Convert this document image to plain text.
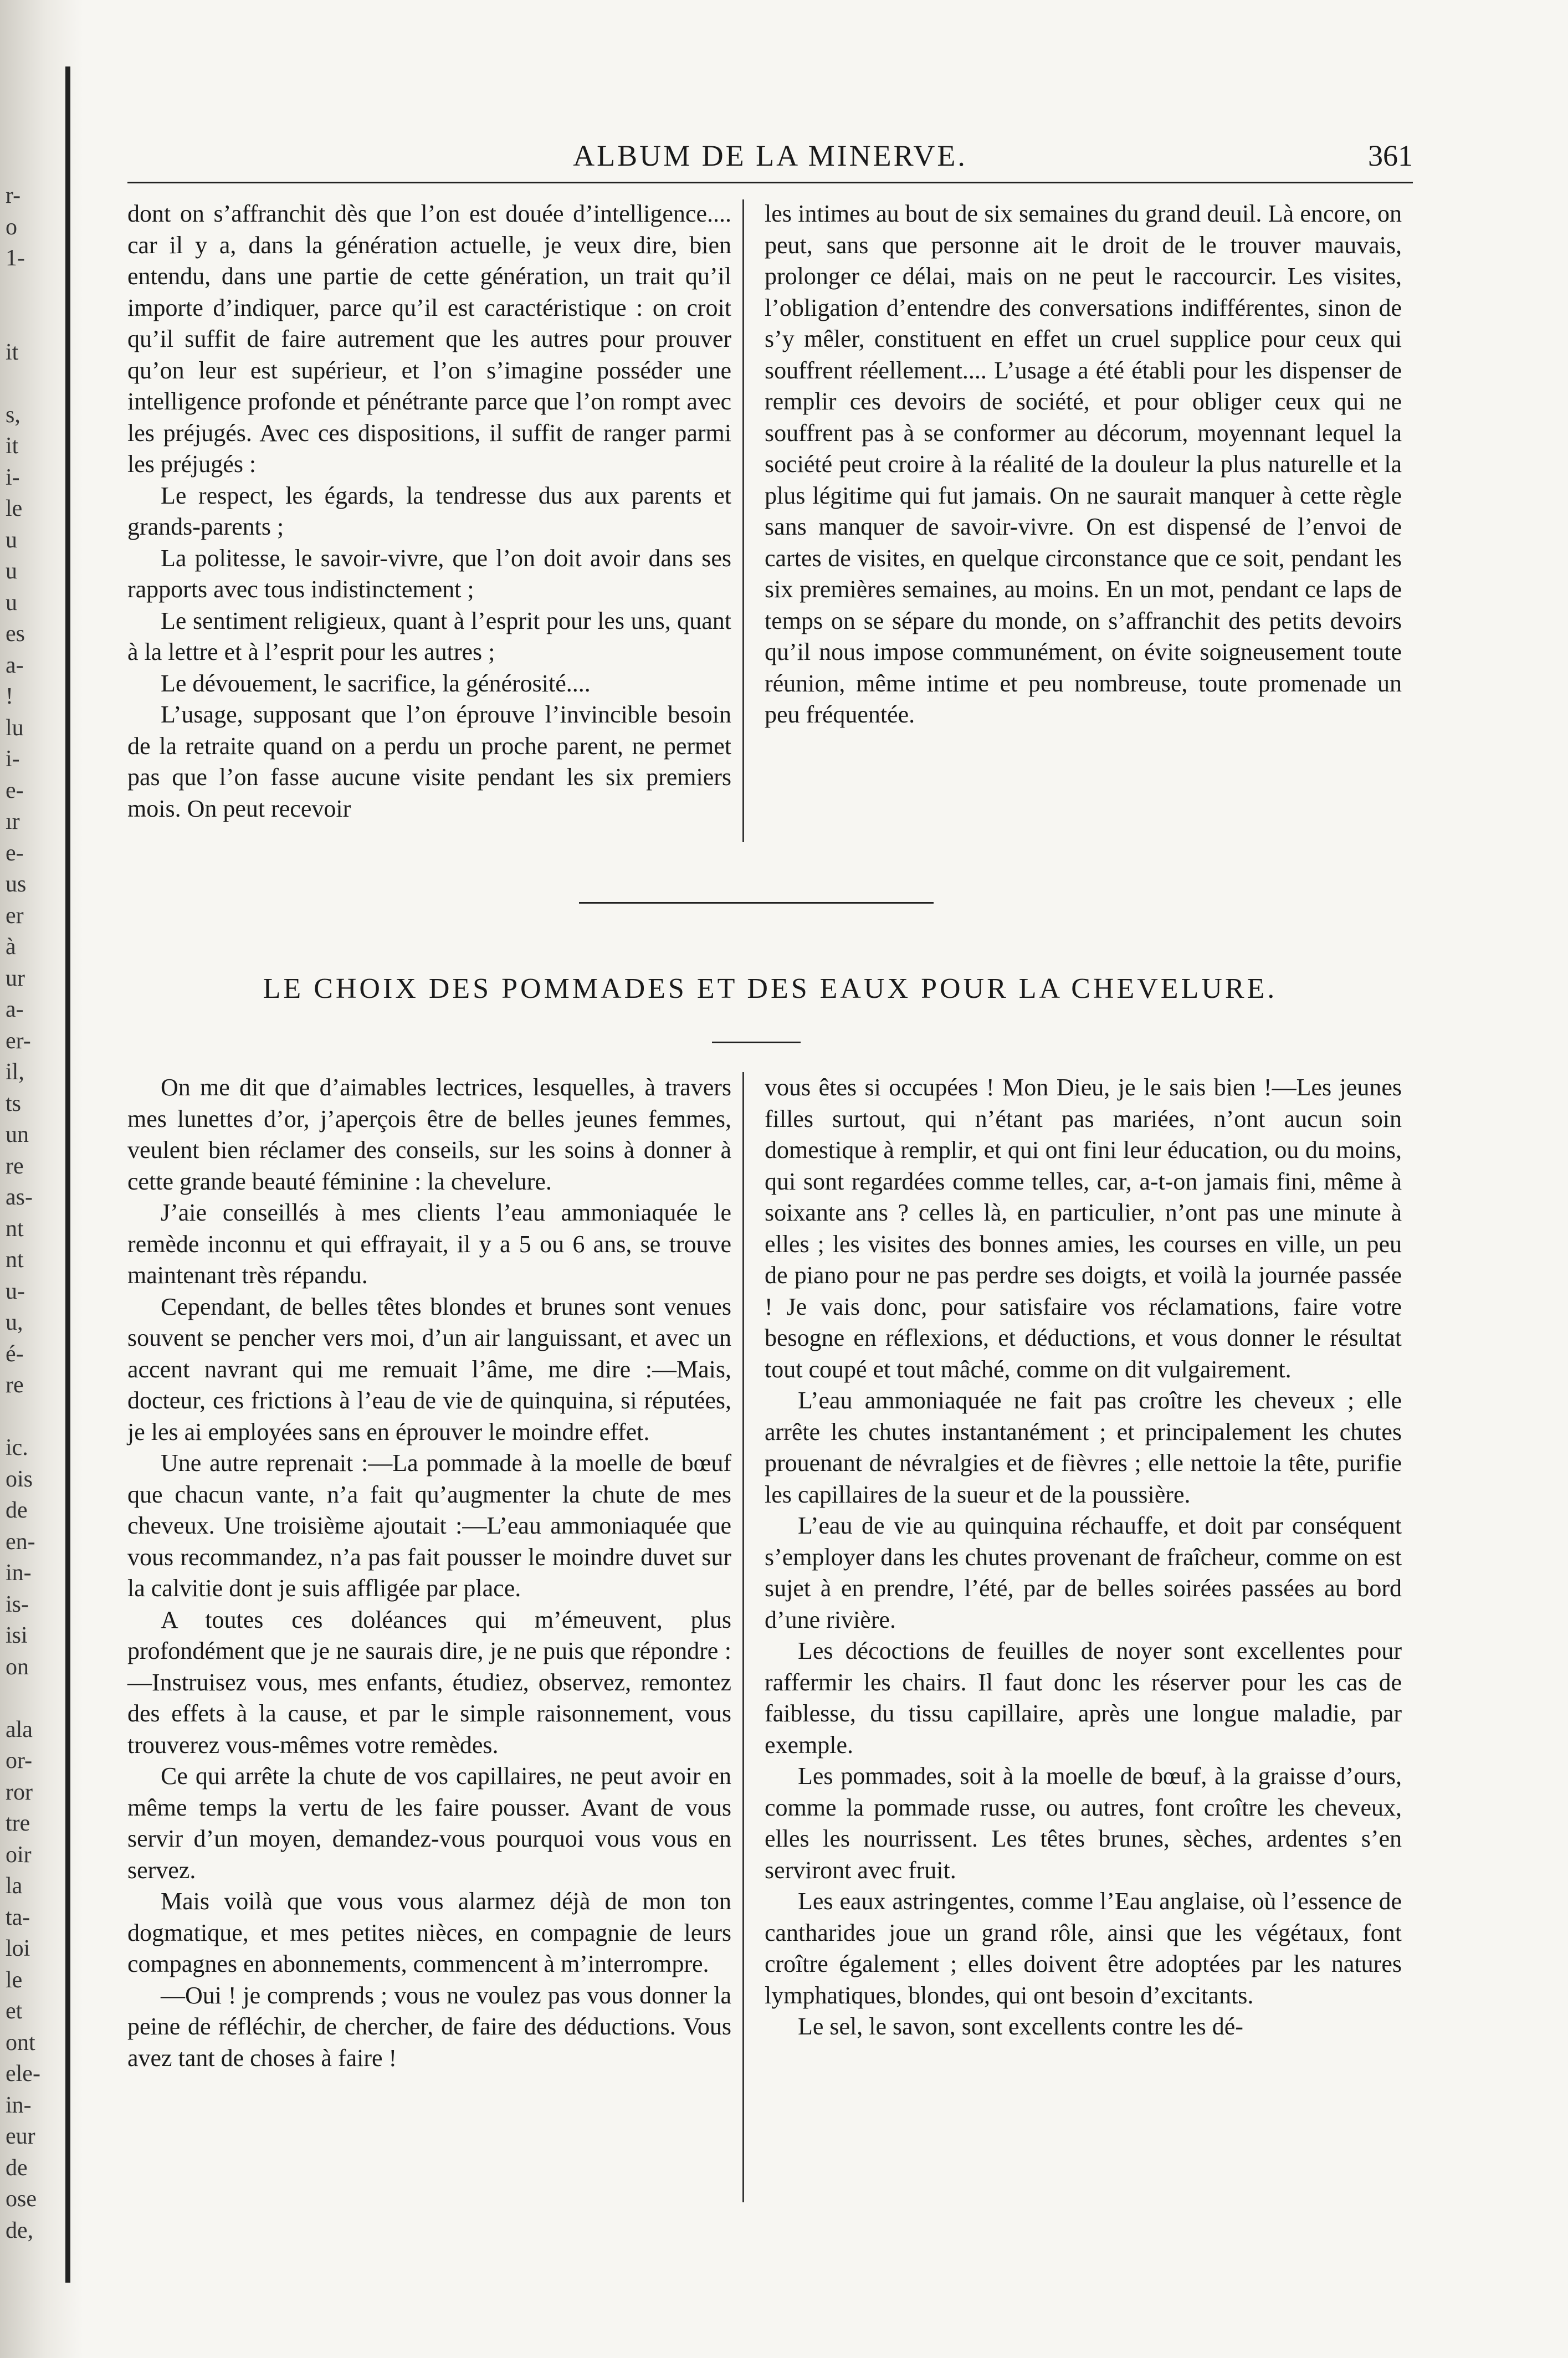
r-
o
1-
it
s,
it
i-
le
u
u
u
es
a-
!
lu
i-
e-
ır
e-
us
er
à
ur
a-
er-
il,
ts
un
re
as-
nt
nt
u-
u,
é-
re
ic.
ois
de
en-
in-
is-
isi
on
ala
or-
ror
tre
oir
la
ta-
loi
le
et
ont
ele-
in-
eur
de
ose
de,
ALBUM DE LA MINERVE.	361

dont on s’affranchit dès que l’on est douée d’intelligence.... car il y a, dans la génération actuelle, je veux dire, bien entendu, dans une partie de cette génération, un trait qu’il importe d’indiquer, parce qu’il est caractéristique : on croit qu’il suffit de faire autrement que les autres pour prouver qu’on leur est supérieur, et l’on s’imagine posséder une intelligence profonde et pénétrante parce que l’on rompt avec les préjugés. Avec ces dispositions, il suffit de ranger parmi les préjugés :

Le respect, les égards, la tendresse dus aux parents et grands-parents ;

La politesse, le savoir-vivre, que l’on doit avoir dans ses rapports avec tous indistinctement ;

Le sentiment religieux, quant à l’esprit pour les uns, quant à la lettre et à l’esprit pour les autres ;

Le dévouement, le sacrifice, la générosité....

L’usage, supposant que l’on éprouve l’invincible besoin de la retraite quand on a perdu un proche parent, ne permet pas que l’on fasse aucune visite pendant les six premiers mois. On peut recevoir

les intimes au bout de six semaines du grand deuil. Là encore, on peut, sans que personne ait le droit de le trouver mauvais, prolonger ce délai, mais on ne peut le raccourcir. Les visites, l’obligation d’entendre des conversations indifférentes, sinon de s’y mêler, constituent en effet un cruel supplice pour ceux qui souffrent réellement.... L’usage a été établi pour les dispenser de remplir ces devoirs de société, et pour obliger ceux qui ne souffrent pas à se conformer au décorum, moyennant lequel la société peut croire à la réalité de la douleur la plus naturelle et la plus légitime qui fut jamais. On ne saurait manquer à cette règle sans manquer de savoir-vivre. On est dispensé de l’envoi de cartes de visites, en quelque circonstance que ce soit, pendant les six premières semaines, au moins. En un mot, pendant ce laps de temps on se sépare du monde, on s’affranchit des petits devoirs qu’il nous impose communément, on évite soigneusement toute réunion, même intime et peu nombreuse, toute promenade un peu fréquentée.

LE CHOIX DES POMMADES ET DES EAUX POUR LA CHEVELURE.

On me dit que d’aimables lectrices, lesquelles, à travers mes lunettes d’or, j’aperçois être de belles jeunes femmes, veulent bien réclamer des conseils, sur les soins à donner à cette grande beauté féminine : la chevelure.

J’aie conseillés à mes clients l’eau ammoniaquée le remède inconnu et qui effrayait, il y a 5 ou 6 ans, se trouve maintenant très répandu.

Cependant, de belles têtes blondes et brunes sont venues souvent se pencher vers moi, d’un air languissant, et avec un accent navrant qui me remuait l’âme, me dire :—Mais, docteur, ces frictions à l’eau de vie de quinquina, si réputées, je les ai employées sans en éprouver le moindre effet.

Une autre reprenait :—La pommade à la moelle de bœuf que chacun vante, n’a fait qu’augmenter la chute de mes cheveux. Une troisième ajoutait :—L’eau ammoniaquée que vous recommandez, n’a pas fait pousser le moindre duvet sur la calvitie dont je suis affligée par place.

A toutes ces doléances qui m’émeuvent, plus profondément que je ne saurais dire, je ne puis que répondre :—Instruisez vous, mes enfants, étudiez, observez, remontez des effets à la cause, et par le simple raisonnement, vous trouverez vous-mêmes votre remèdes.

Ce qui arrête la chute de vos capillaires, ne peut avoir en même temps la vertu de les faire pousser. Avant de vous servir d’un moyen, demandez-vous pourquoi vous vous en servez.

Mais voilà que vous vous alarmez déjà de mon ton dogmatique, et mes petites nièces, en compagnie de leurs compagnes en abonnements, commencent à m’interrompre.

—Oui ! je comprends ; vous ne voulez pas vous donner la peine de réfléchir, de chercher, de faire des déductions. Vous avez tant de choses à faire !

vous êtes si occupées ! Mon Dieu, je le sais bien !—Les jeunes filles surtout, qui n’étant pas mariées, n’ont aucun soin domestique à remplir, et qui ont fini leur éducation, ou du moins, qui sont regardées comme telles, car, a-t-on jamais fini, même à soixante ans ? celles là, en particulier, n’ont pas une minute à elles ; les visites des bonnes amies, les courses en ville, un peu de piano pour ne pas perdre ses doigts, et voilà la journée passée ! Je vais donc, pour satisfaire vos réclamations, faire votre besogne en réflexions, et déductions, et vous donner le résultat tout coupé et tout mâché, comme on dit vulgairement.

L’eau ammoniaquée ne fait pas croître les cheveux ; elle arrête les chutes instantanément ; et principalement les chutes prouenant de névralgies et de fièvres ; elle nettoie la tête, purifie les capillaires de la sueur et de la poussière.

L’eau de vie au quinquina réchauffe, et doit par conséquent s’employer dans les chutes provenant de fraîcheur, comme on est sujet à en prendre, l’été, par de belles soirées passées au bord d’une rivière.

Les décoctions de feuilles de noyer sont excellentes pour raffermir les chairs. Il faut donc les réserver pour les cas de faiblesse, du tissu capillaire, après une longue maladie, par exemple.

Les pommades, soit à la moelle de bœuf, à la graisse d’ours, comme la pommade russe, ou autres, font croître les cheveux, elles les nourrissent. Les têtes brunes, sèches, ardentes s’en serviront avec fruit.

Les eaux astringentes, comme l’Eau anglaise, où l’essence de cantharides joue un grand rôle, ainsi que les végétaux, font croître également ; elles doivent être adoptées par les natures lymphatiques, blondes, qui ont besoin d’excitants.

Le sel, le savon, sont excellents contre les dé-
